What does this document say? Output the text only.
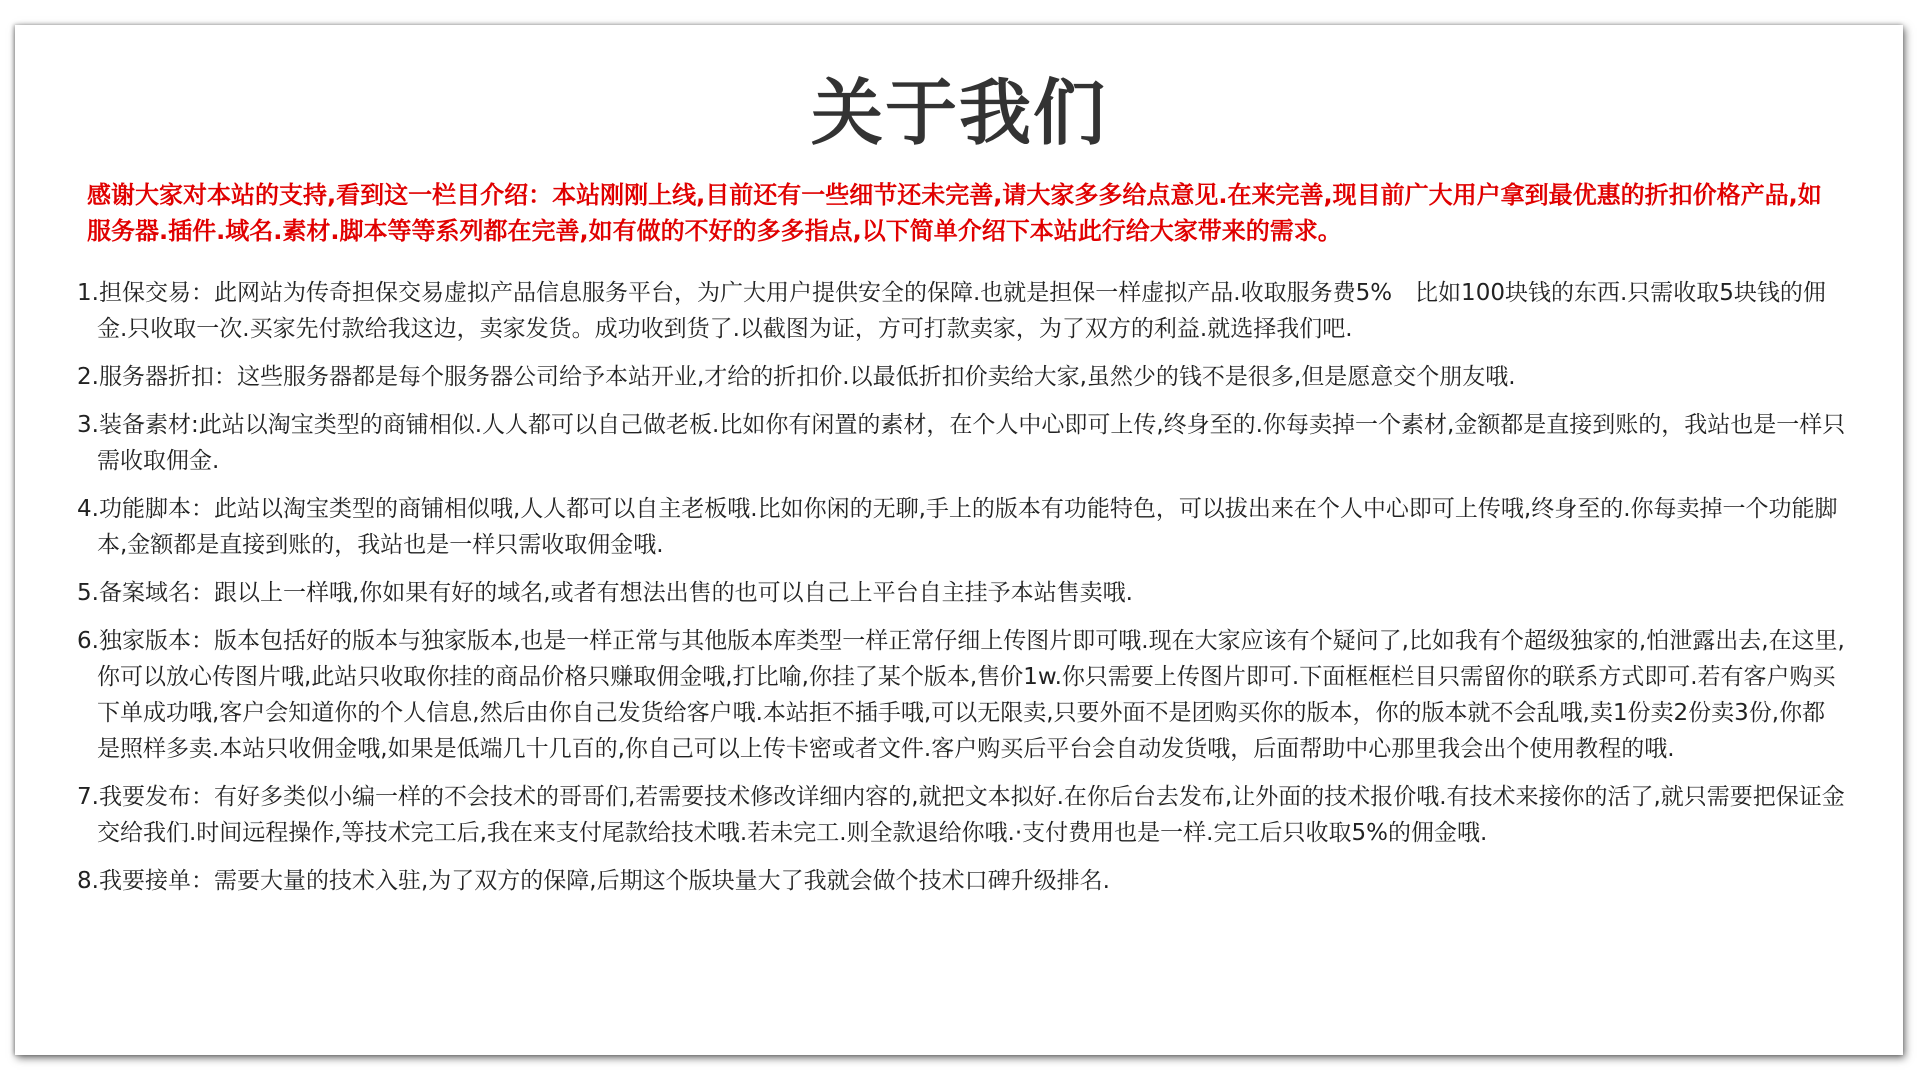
关于我们
感谢大家对本站的支持,看到这一栏目介绍：本站刚刚上线,目前还有一些细节还未完善,请大家多多给点意见.在来完善,现目前广大用户拿到最优惠的折扣价格产品,如服务器.插件.域名.素材.脚本等等系列都在完善,如有做的不好的多多指点,以下简单介绍下本站此行给大家带来的需求。
1.担保交易：此网站为传奇担保交易虚拟产品信息服务平台，为广大用户提供安全的保障.也就是担保一样虚拟产品.收取服务费5%　比如100块钱的东西.只需收取5块钱的佣金.只收取一次.买家先付款给我这边，卖家发货。成功收到货了.以截图为证，方可打款卖家，为了双方的利益.就选择我们吧.
2.服务器折扣：这些服务器都是每个服务器公司给予本站开业,才给的折扣价.以最低折扣价卖给大家,虽然少的钱不是很多,但是愿意交个朋友哦.
3.装备素材:此站以淘宝类型的商铺相似.人人都可以自己做老板.比如你有闲置的素材，在个人中心即可上传,终身至的.你每卖掉一个素材,金额都是直接到账的，我站也是一样只需收取佣金.
4.功能脚本：此站以淘宝类型的商铺相似哦,人人都可以自主老板哦.比如你闲的无聊,手上的版本有功能特色，可以拔出来在个人中心即可上传哦,终身至的.你每卖掉一个功能脚本,金额都是直接到账的，我站也是一样只需收取佣金哦.
5.备案域名：跟以上一样哦,你如果有好的域名,或者有想法出售的也可以自己上平台自主挂予本站售卖哦.
6.独家版本：版本包括好的版本与独家版本,也是一样正常与其他版本库类型一样正常仔细上传图片即可哦.现在大家应该有个疑问了,比如我有个超级独家的,怕泄露出去,在这里,你可以放心传图片哦,此站只收取你挂的商品价格只赚取佣金哦,打比喻,你挂了某个版本,售价1w.你只需要上传图片即可.下面框框栏目只需留你的联系方式即可.若有客户购买下单成功哦,客户会知道你的个人信息,然后由你自己发货给客户哦.本站拒不插手哦,可以无限卖,只要外面不是团购买你的版本，你的版本就不会乱哦,卖1份卖2份卖3份,你都是照样多卖.本站只收佣金哦,如果是低端几十几百的,你自己可以上传卡密或者文件.客户购买后平台会自动发货哦，后面帮助中心那里我会出个使用教程的哦.
7.我要发布：有好多类似小编一样的不会技术的哥哥们,若需要技术修改详细内容的,就把文本拟好.在你后台去发布,让外面的技术报价哦.有技术来接你的活了,就只需要把保证金交给我们.时间远程操作,等技术完工后,我在来支付尾款给技术哦.若未完工.则全款退给你哦.·支付费用也是一样.完工后只收取5%的佣金哦.
8.我要接单：需要大量的技术入驻,为了双方的保障,后期这个版块量大了我就会做个技术口碑升级排名.
